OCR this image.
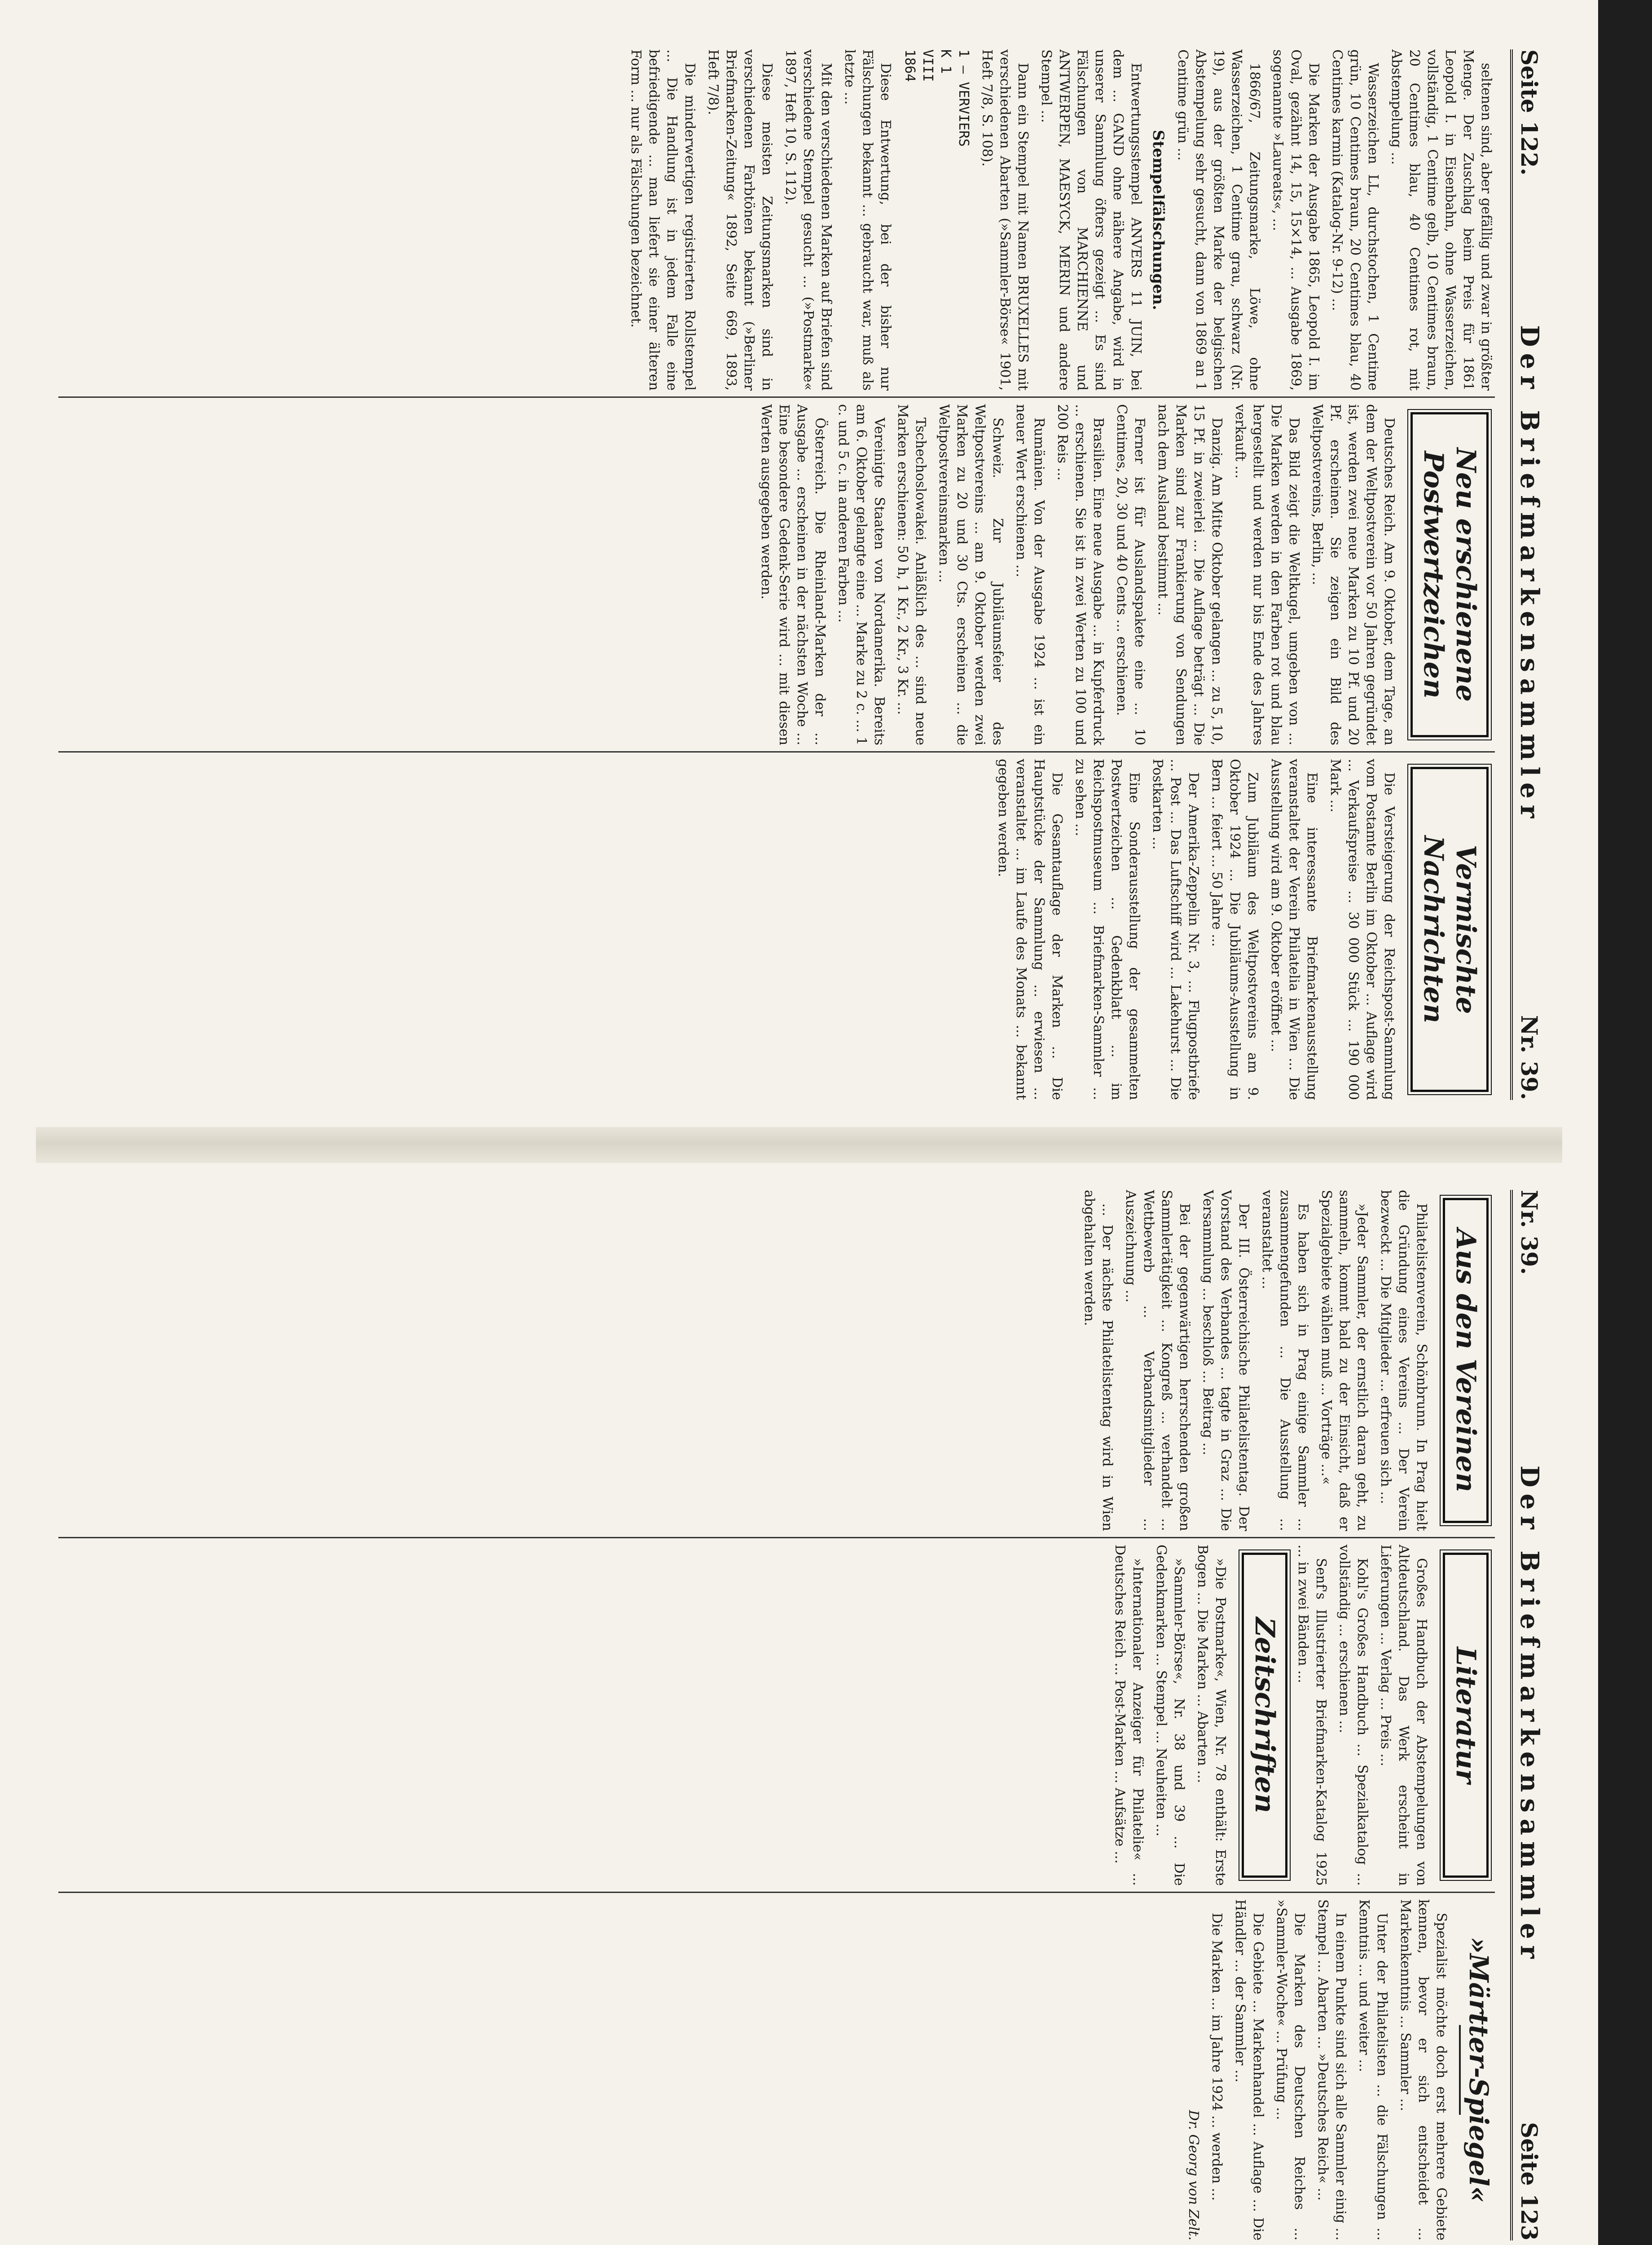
Seite 122.
Der Briefmarkensammler
Nr. 39.

seltenen sind, aber gefällig und zwar in größter Menge. Der Zuschlag beim Preis für 1861 Leopold I. in Eisenbahn, ohne Wasserzeichen, vollständig, 1 Centime gelb, 10 Centimes braun, 20 Centimes blau, 40 Centimes rot, mit Abstempelung ...

Wasserzeichen LL, durchstochen, 1 Centime grün, 10 Centimes braun, 20 Centimes blau, 40 Centimes karmin (Katalog-Nr. 9-12) ...

Die Marken der Ausgabe 1865, Leopold I. im Oval, gezähnt 14, 15, 15×14, ... Ausgabe 1869, sogenannte »Laureats«, ...

1866/67, Zeitungsmarke, Löwe, ohne Wasserzeichen, 1 Centime grau, schwarz (Nr. 19), aus der größten Marke der belgischen Abstempelung sehr gesucht, dann von 1869 an 1 Centime grün ...

Stempelfälschungen.

Entwertungsstempel ANVERS 11 JUIN, bei dem ... GAND ohne nähere Angabe, wird in unserer Sammlung öfters gezeigt ... Es sind Fälschungen von MARCHIENNE und ANTWERPEN, MAESYCK, MERIN und andere Stempel ...

Dann ein Stempel mit Namen BRUXELLES mit verschiedenen Abarten (»Sammler-Börse« 1901, Heft 7/8, S. 108).

1 — VERVIERS
K 1
VIII
1864

Diese Entwertung, bei der bisher nur Fälschungen bekannt ... gebraucht war, muß als letzte ...

Mit den verschiedenen Marken auf Briefen sind verschiedene Stempel gesucht ... (»Postmarke« 1897, Heft 10, S. 112).

Diese meisten Zeitungsmarken sind in verschiedenen Farbtönen bekannt (»Berliner Briefmarken-Zeitung« 1892, Seite 669, 1893, Heft 7/8).

Die minderwertigen registrierten Rollstempel ... Die Handlung ist in jedem Falle eine befriedigende ... man liefert sie einer älteren Form ... nur als Fälschungen bezeichnet.

Neu erschienene Postwertzeichen

Deutsches Reich. Am 9. Oktober, dem Tage, an dem der Weltpostverein vor 50 Jahren gegründet ist, werden zwei neue Marken zu 10 Pf. und 20 Pf. erscheinen. Sie zeigen ein Bild des Weltpostvereins, Berlin, ...

Das Bild zeigt die Weltkugel, umgeben von ... Die Marken werden in den Farben rot und blau hergestellt und werden nur bis Ende des Jahres verkauft ...

Danzig. Am Mitte Oktober gelangen ... zu 5, 10, 15 Pf. in zweierlei ... Die Auflage beträgt ... Die Marken sind zur Frankierung von Sendungen nach dem Ausland bestimmt ...

Ferner ist für Auslandspakete eine ... 10 Centimes, 20, 30 und 40 Cents ... erschienen.

Brasilien. Eine neue Ausgabe ... in Kupferdruck ... erschienen. Sie ist in zwei Werten zu 100 und 200 Reis ...

Rumänien. Von der Ausgabe 1924 ... ist ein neuer Wert erschienen ...

Schweiz. Zur Jubiläumsfeier des Weltpostvereins ... am 9. Oktober werden zwei Marken zu 20 und 30 Cts. erscheinen ... die Weltpostvereinsmarken ...

Tschechoslowakei. Anläßlich des ... sind neue Marken erschienen: 50 h, 1 Kr., 2 Kr., 3 Kr. ...

Vereinigte Staaten von Nordamerika. Bereits am 6. Oktober gelangte eine ... Marke zu 2 c. ... 1 c. und 5 c. in anderen Farben ...

Österreich. Die Rheinland-Marken der ... Ausgabe ... erscheinen in der nächsten Woche ... Eine besondere Gedenk-Serie wird ... mit diesen Werten ausgegeben werden.

Vermischte Nachrichten

Die Versteigerung der Reichspost-Sammlung vom Postamte Berlin im Oktober ... Auflage wird ... Verkaufspreise ... 30 000 Stück ... 190 000 Mark ...

Eine interessante Briefmarkenausstellung veranstaltet der Verein Philatelia in Wien ... Die Ausstellung wird am 9. Oktober eröffnet ...

Zum Jubiläum des Weltpostvereins am 9. Oktober 1924 ... Die Jubiläums-Ausstellung in Bern ... feiert ... 50 Jahre ...

Der Amerika-Zeppelin Nr. 3, ... Flugpostbriefe ... Post ... Das Luftschiff wird ... Lakehurst ... Die Postkarten ...

Eine Sonderausstellung der gesammelten Postwertzeichen ... Gedenkblatt ... im Reichspostmuseum ... Briefmarken-Sammler ... zu sehen ...

Die Gesamtauflage der Marken ... Die Hauptstücke der Sammlung ... erwiesen ... veranstaltet ... im Laufe des Monats ... bekannt gegeben werden.

Nr. 39.
Der Briefmarkensammler
Seite 123
Aus den Vereinen

Philatelistenverein, Schönbrunn. In Prag hielt die Gründung eines Vereins ... Der Verein bezweckt ... Die Mitglieder ... erfreuen sich ...

»Jeder Sammler, der ernstlich daran geht, zu sammeln, kommt bald zu der Einsicht, daß er Spezialgebiete wählen muß ... Vorträge ...«

Es haben sich in Prag einige Sammler ... zusammengefunden ... Die Ausstellung ... veranstaltet ...

Der III. Österreichische Philatelistentag. Der Vorstand des Verbandes ... tagte in Graz ... Die Versammlung ... beschloß ... Beitrag ...

Bei der gegenwärtigen herrschenden großen Sammlertätigkeit ... Kongreß ... verhandelt ... Wettbewerb ... Verbandsmitglieder ... Auszeichnung ...

... Der nächste Philatelistentag wird in Wien abgehalten werden.

Literatur

Großes Handbuch der Abstempelungen von Altdeutschland. Das Werk erscheint in Lieferungen ... Verlag ... Preis ...

Kohl's Großes Handbuch ... Spezialkatalog ... vollständig ... erschienen ...

Senf's Illustrierter Briefmarken-Katalog 1925 ... in zwei Bänden ...

Zeitschriften

»Die Postmarke«, Wien, Nr. 78 enthält: Erste Bogen ... Die Marken ... Abarten ...

»Sammler-Börse«, Nr. 38 und 39 ... Die Gedenkmarken ... Stempel ... Neuheiten ...

»Internationaler Anzeiger für Philatelie« ... Deutsches Reich ... Post-Marken ... Aufsätze ...

»Märtter-Spiegel«

Spezialist möchte doch erst mehrere Gebiete kennen, bevor er sich entscheidet ... Markenkenntnis ... Sammler ...

Unter der Philatelisten ... die Fälschungen ... Kenntnis ... und weiter ...

In einem Punkte sind sich alle Sammler einig ... Stempel ... Abarten ... »Deutsches Reich« ...

Die Marken des Deutschen Reiches ... »Sammler-Woche« ... Prüfung ...

Die Gebiete ... Markenhandel ... Auflage ... Die Händler ... der Sammler ...

Die Marken ... im Jahre 1924 ... werden ...

Dr. Georg von Zelt.
